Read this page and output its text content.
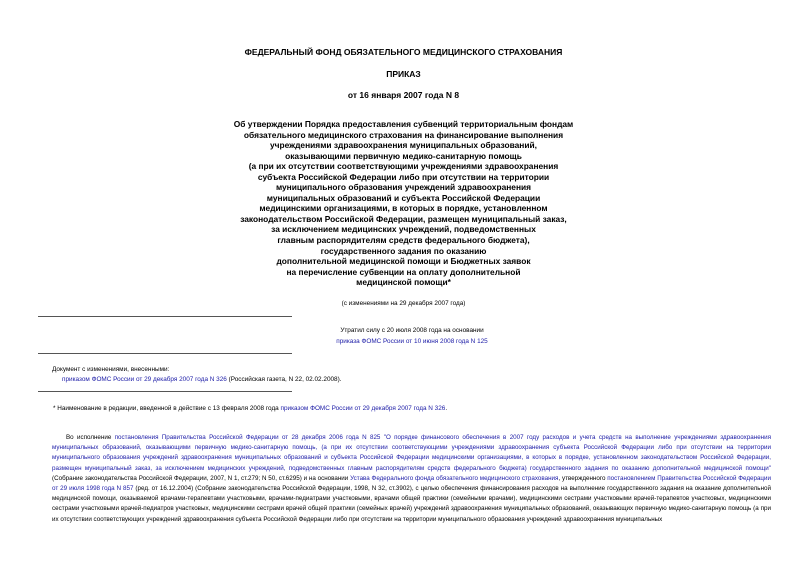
ФЕДЕРАЛЬНЫЙ ФОНД ОБЯЗАТЕЛЬНОГО МЕДИЦИНСКОГО СТРАХОВАНИЯ
ПРИКАЗ
от 16 января 2007 года N 8
Об утверждении Порядка предоставления субвенций территориальным фондам
обязательного медицинского страхования на финансирование выполнения
учреждениями здравоохранения муниципальных образований,
оказывающими первичную медико-санитарную помощь
(а при их отсутствии соответствующими учреждениями здравоохранения
субъекта Российской Федерации либо при отсутствии на территории
муниципального образования учреждений здравоохранения
муниципальных образований и субъекта Российской Федерации
медицинскими организациями, в которых в порядке, установленном
законодательством Российской Федерации, размещен муниципальный заказ,
за исключением медицинских учреждений, подведомственных
главным распорядителям средств федерального бюджета),
государственного задания по оказанию
дополнительной медицинской помощи и Бюджетных заявок
на перечисление субвенции на оплату дополнительной
медицинской помощи*
(с изменениями на 29 декабря 2007 года)
Утратил силу с 20 июля 2008 года на основании
приказа ФОМС России от 10 июня 2008 года N 125
Документ с изменениями, внесенными:
приказом ФОМС России от 29 декабря 2007 года N 326 (Российская газета, N 22, 02.02.2008).
* Наименование в редакции, введенной в действие с 13 февраля 2008 года приказом ФОМС России от 29 декабря 2007 года N 326.
Во исполнение постановления Правительства Российской Федерации от 28 декабря 2006 года N 825 "О порядке финансового обеспечения в 2007 году расходов и учета средств на выполнение учреждениями здравоохранения муниципальных образований, оказывающими первичную медико-санитарную помощь, (а при их отсутствии соответствующими учреждениями здравоохранения субъекта Российской Федерации либо при отсутствии на территории муниципального образования учреждений здравоохранения муниципальных образований и субъекта Российской Федерации медицинскими организациями, в которых в порядке, установленном законодательством Российской Федерации, размещен муниципальный заказ, за исключением медицинских учреждений, подведомственных главным распорядителям средств федерального бюджета) государственного задания по оказанию дополнительной медицинской помощи" (Собрание законодательства Российской Федерации, 2007, N 1, ст.279; N 50, ст.6295) и на основании Устава Федерального фонда обязательного медицинского страхования, утвержденного постановлением Правительства Российской Федерации от 29 июля 1998 года N 857 (ред. от 16.12.2004) (Собрание законодательства Российской Федерации, 1998, N 32, ст.3902), с целью обеспечения финансирования расходов на выполнение государственного задания на оказание дополнительной медицинской помощи, оказываемой врачами-терапевтами участковыми, врачами-педиатрами участковыми, врачами общей практики (семейными врачами), медицинскими сестрами участковыми врачей-терапевтов участковых, медицинскими сестрами участковыми врачей-педиатров участковых, медицинскими сестрами врачей общей практики (семейных врачей) учреждений здравоохранения муниципальных образований, оказывающих первичную медико-санитарную помощь (а при их отсутствии соответствующих учреждений здравоохранения субъекта Российской Федерации либо при отсутствии на территории муниципального образования учреждений здравоохранения муниципальных
